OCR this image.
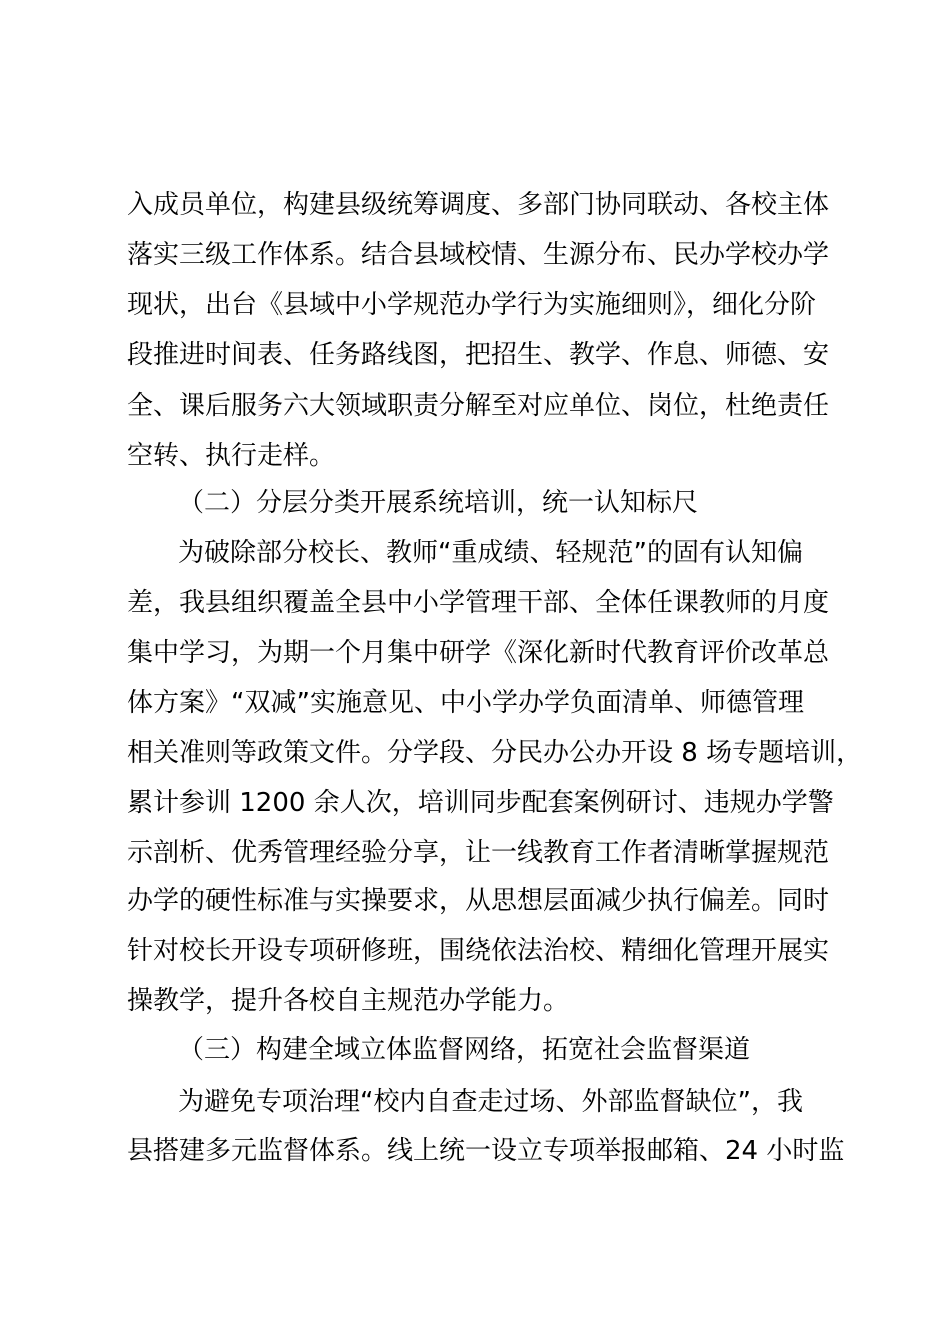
入成员单位，构建县级统筹调度、多部门协同联动、各校主体
落实三级工作体系。结合县域校情、生源分布、民办学校办学
现状，出台《县域中小学规范办学行为实施细则》，细化分阶
段推进时间表、任务路线图，把招生、教学、作息、师德、安
全、课后服务六大领域职责分解至对应单位、岗位，杜绝责任
空转、执行走样。
（二）分层分类开展系统培训，统一认知标尺
为破除部分校长、教师“重成绩、轻规范”的固有认知偏
差，我县组织覆盖全县中小学管理干部、全体任课教师的月度
集中学习，为期一个月集中研学《深化新时代教育评价改革总
体方案》“双减”实施意见、中小学办学负面清单、师德管理
相关准则等政策文件。分学段、分民办公办开设 8 场专题培训，
累计参训 1200 余人次，培训同步配套案例研讨、违规办学警
示剖析、优秀管理经验分享，让一线教育工作者清晰掌握规范
办学的硬性标准与实操要求，从思想层面减少执行偏差。同时
针对校长开设专项研修班，围绕依法治校、精细化管理开展实
操教学，提升各校自主规范办学能力。
（三）构建全域立体监督网络，拓宽社会监督渠道
为避免专项治理“校内自查走过场、外部监督缺位”，我
县搭建多元监督体系。线上统一设立专项举报邮箱、24 小时监
